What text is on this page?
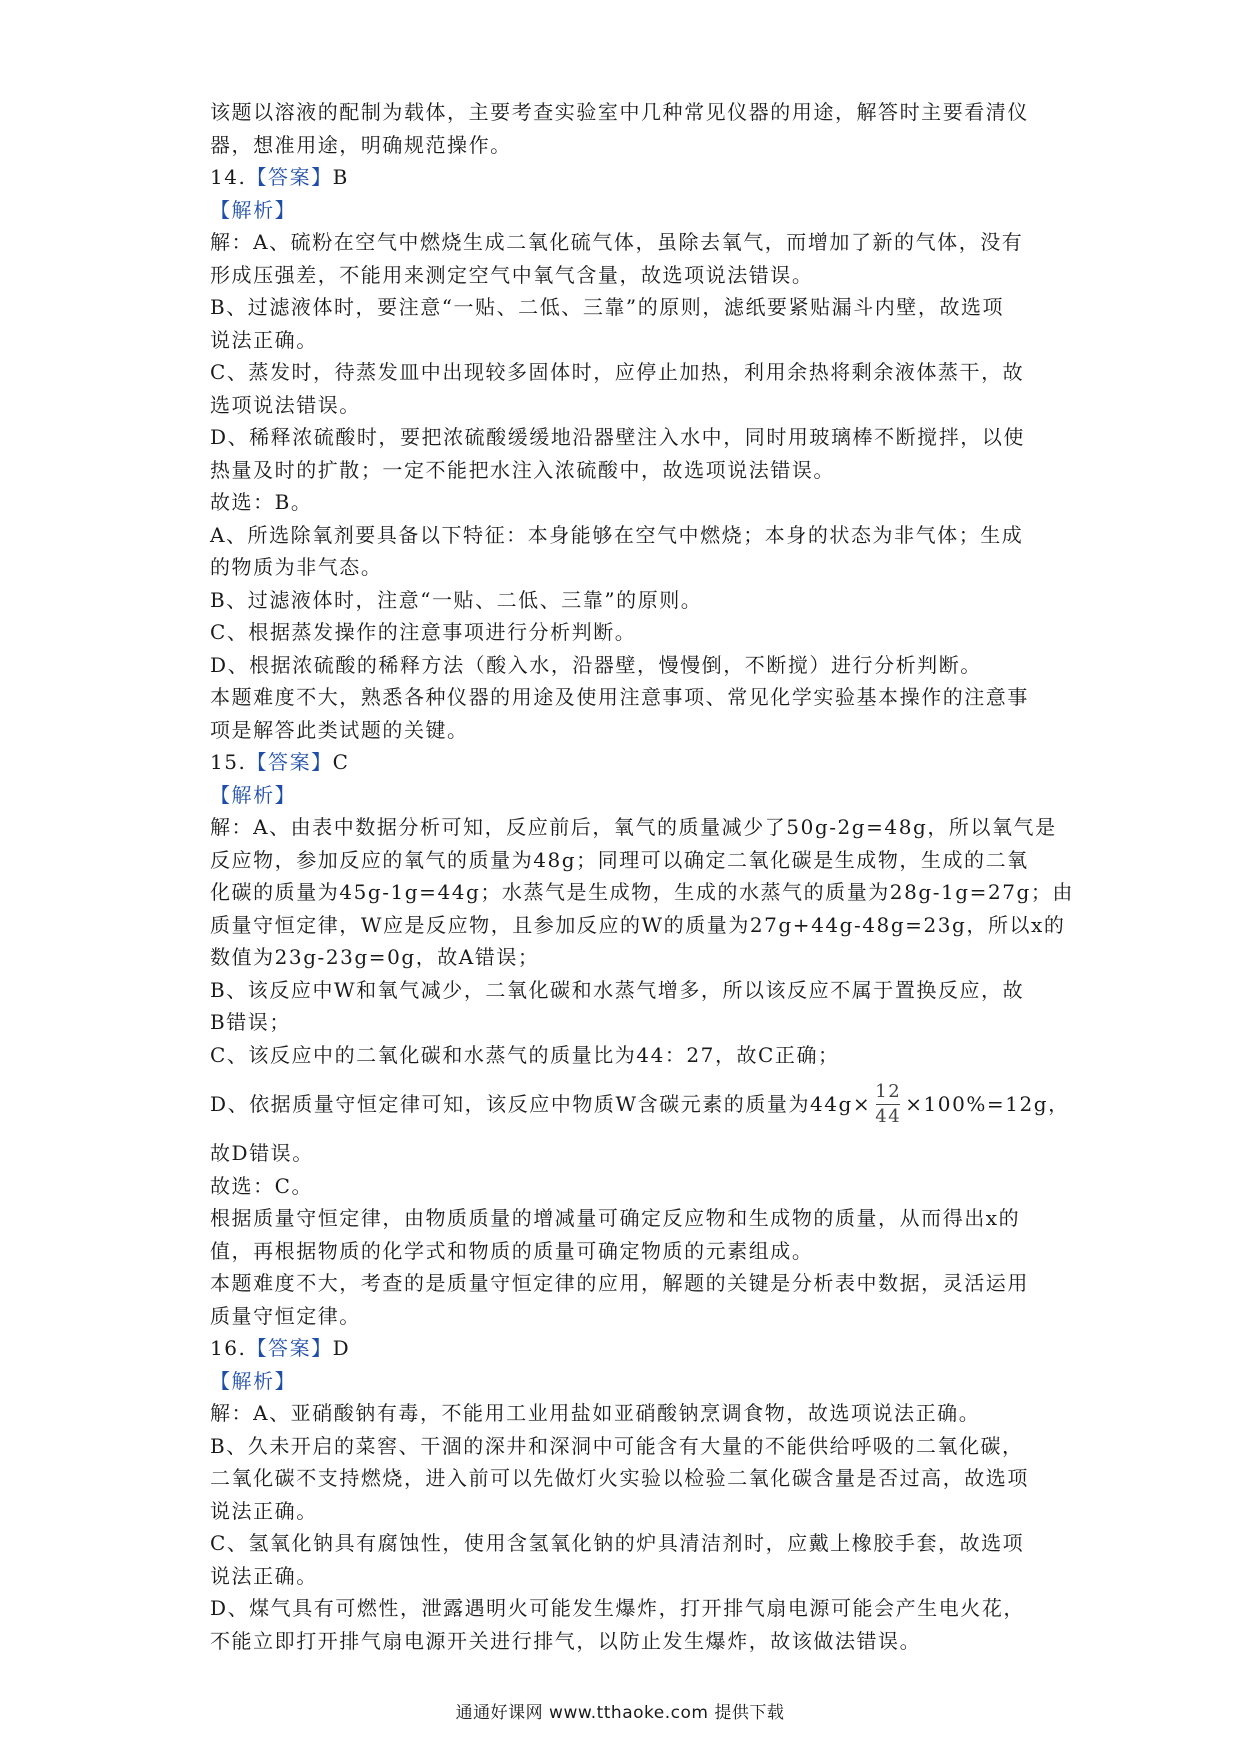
该题以溶液的配制为载体，主要考查实验室中几种常见仪器的用途，解答时主要看清仪
器，想准用途，明确规范操作。
14.【答案】B
【解析】
解：A、硫粉在空气中燃烧生成二氧化硫气体，虽除去氧气，而增加了新的气体，没有
形成压强差，不能用来测定空气中氧气含量，故选项说法错误。
B、过滤液体时，要注意“一贴、二低、三靠”的原则，滤纸要紧贴漏斗内壁，故选项
说法正确。
C、蒸发时，待蒸发皿中出现较多固体时，应停止加热，利用余热将剩余液体蒸干，故
选项说法错误。
D、稀释浓硫酸时，要把浓硫酸缓缓地沿器壁注入水中，同时用玻璃棒不断搅拌，以使
热量及时的扩散；一定不能把水注入浓硫酸中，故选项说法错误。
故选：B。
A、所选除氧剂要具备以下特征：本身能够在空气中燃烧；本身的状态为非气体；生成
的物质为非气态。
B、过滤液体时，注意“一贴、二低、三靠”的原则。
C、根据蒸发操作的注意事项进行分析判断。
D、根据浓硫酸的稀释方法（酸入水，沿器壁，慢慢倒，不断搅）进行分析判断。
本题难度不大，熟悉各种仪器的用途及使用注意事项、常见化学实验基本操作的注意事
项是解答此类试题的关键。
15.【答案】C
【解析】
解：A、由表中数据分析可知，反应前后，氧气的质量减少了50g-2g=48g，所以氧气是
反应物，参加反应的氧气的质量为48g；同理可以确定二氧化碳是生成物，生成的二氧
化碳的质量为45g-1g=44g；水蒸气是生成物，生成的水蒸气的质量为28g-1g=27g；由
质量守恒定律，W应是反应物，且参加反应的W的质量为27g+44g-48g=23g，所以x的
数值为23g-23g=0g，故A错误；
B、该反应中W和氧气减少，二氧化碳和水蒸气增多，所以该反应不属于置换反应，故
B错误；
C、该反应中的二氧化碳和水蒸气的质量比为44：27，故C正确；
D、依据质量守恒定律可知，该反应中物质W含碳元素的质量为$44g\times \frac{12}{44} \times 100\%=12g$，
故D错误。
故选：C。
根据质量守恒定律，由物质质量的增减量可确定反应物和生成物的质量，从而得出x的
值，再根据物质的化学式和物质的质量可确定物质的元素组成。
本题难度不大，考查的是质量守恒定律的应用，解题的关键是分析表中数据，灵活运用
质量守恒定律。
16.【答案】D
【解析】
解：A、亚硝酸钠有毒，不能用工业用盐如亚硝酸钠烹调食物，故选项说法正确。
B、久未开启的菜窖、干涸的深井和深洞中可能含有大量的不能供给呼吸的二氧化碳，
二氧化碳不支持燃烧，进入前可以先做灯火实验以检验二氧化碳含量是否过高，故选项
说法正确。
C、氢氧化钠具有腐蚀性，使用含氢氧化钠的炉具清洁剂时，应戴上橡胶手套，故选项
说法正确。
D、煤气具有可燃性，泄露遇明火可能发生爆炸，打开排气扇电源可能会产生电火花，
不能立即打开排气扇电源开关进行排气，以防止发生爆炸，故该做法错误。
通通好课网 www.tthaoke.com 提供下载
